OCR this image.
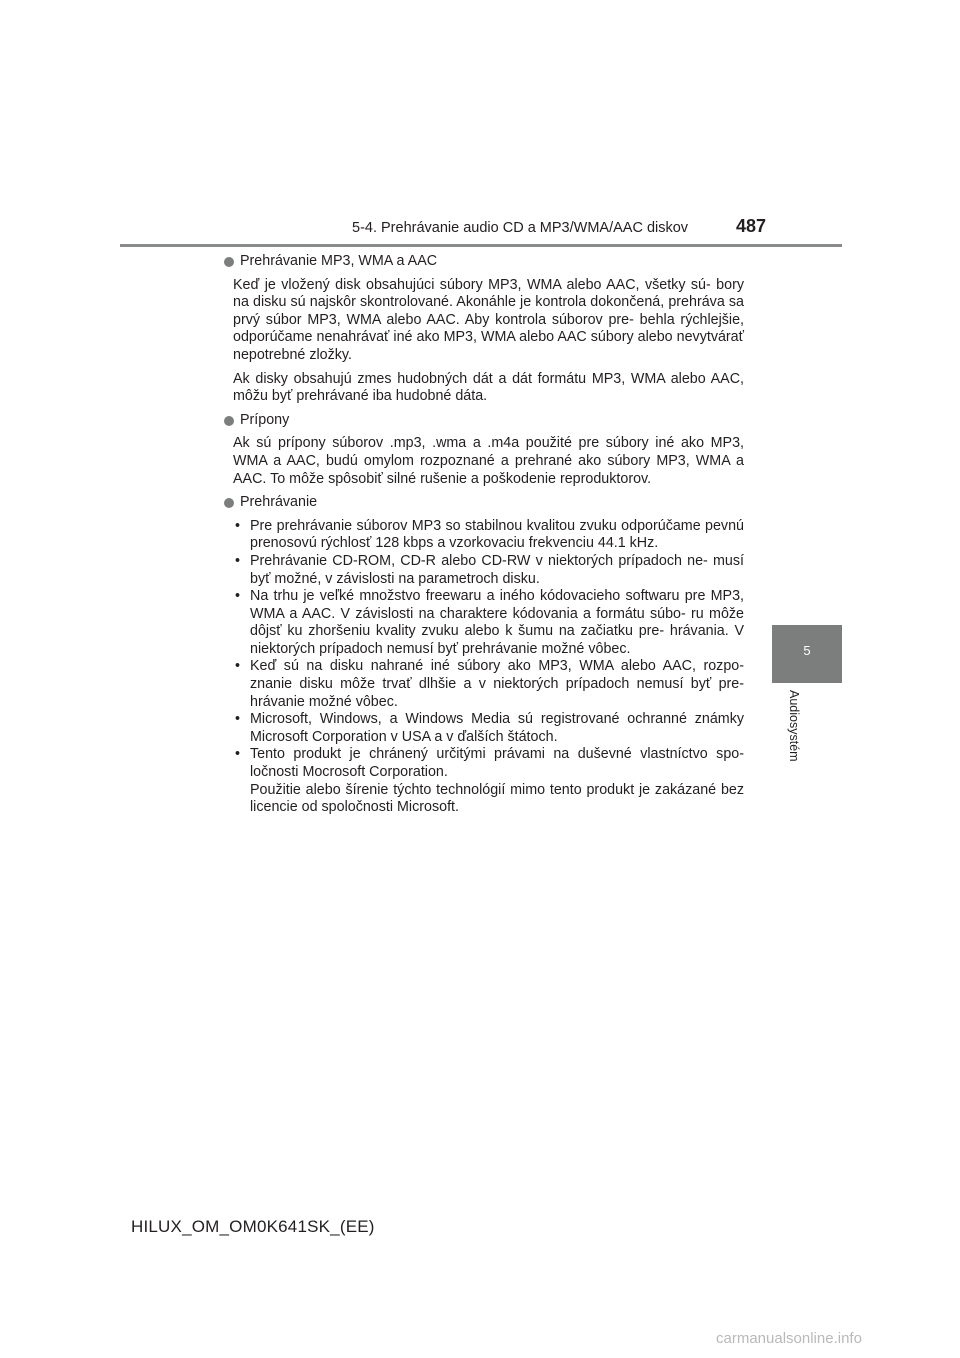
5-4. Prehrávanie audio CD a MP3/WMA/AAC diskov	487
5
Audiosystém
Prehrávanie MP3, WMA a AAC

Keď je vložený disk obsahujúci súbory MP3, WMA alebo AAC, všetky sú- bory na disku sú najskôr skontrolované. Akonáhle je kontrola dokončená, prehráva sa prvý súbor MP3, WMA alebo AAC. Aby kontrola súborov pre- behla rýchlejšie, odporúčame nenahrávať iné ako MP3, WMA alebo AAC súbory alebo nevytvárať nepotrebné zložky.

Ak disky obsahujú zmes hudobných dát a dát formátu MP3, WMA alebo AAC, môžu byť prehrávané iba hudobné dáta.

Prípony

Ak sú prípony súborov .mp3, .wma a .m4a použité pre súbory iné ako MP3, WMA a AAC, budú omylom rozpoznané a prehrané ako súbory MP3, WMA a AAC. To môže spôsobiť silné rušenie a poškodenie reproduktorov.

Prehrávanie
• Pre prehrávanie súborov MP3 so stabilnou kvalitou zvuku odporúčame pevnú prenosovú rýchlosť 128 kbps a vzorkovaciu frekvenciu 44.1 kHz.
• Prehrávanie CD-ROM, CD-R alebo CD-RW v niektorých prípadoch ne- musí byť možné, v závislosti na parametroch disku.
• Na trhu je veľké množstvo freewaru a iného kódovacieho softwaru pre MP3, WMA a AAC. V závislosti na charaktere kódovania a formátu súbo- ru môže dôjsť ku zhoršeniu kvality zvuku alebo k šumu na začiatku pre- hrávania. V niektorých prípadoch nemusí byť prehrávanie možné vôbec.
• Keď sú na disku nahrané iné súbory ako MP3, WMA alebo AAC, rozpo- znanie disku môže trvať dlhšie a v niektorých prípadoch nemusí byť pre- hrávanie možné vôbec.
• Microsoft, Windows, a Windows Media sú registrované ochranné známky Microsoft Corporation v USA a v ďalších štátoch.
• Tento produkt je chránený určitými právami na duševné vlastníctvo spo- ločnosti Mocrosoft Corporation.
Použitie alebo šírenie týchto technológií mimo tento produkt je zakázané bez licencie od spoločnosti Microsoft.
HILUX_OM_OM0K641SK_(EE)
carmanualsonline.info
